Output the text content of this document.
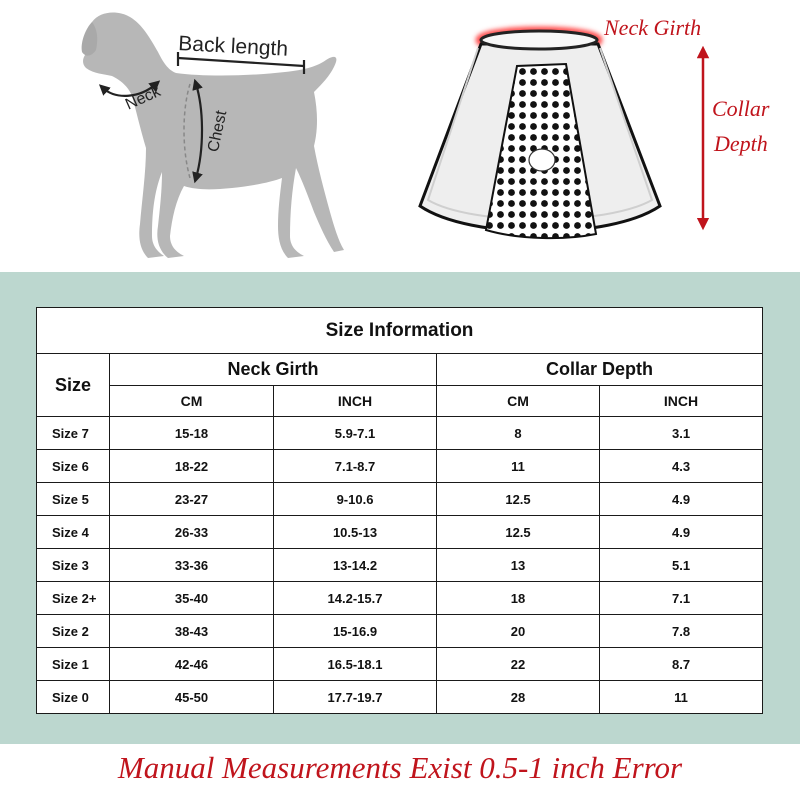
Back length
Neck
Chest
Neck Girth
Collar
Depth
Size Information				
Size	Neck Girth		Collar Depth	
	CM	INCH	CM	INCH
Size 7	15-18	5.9-7.1	8	3.1
Size 6	18-22	7.1-8.7	11	4.3
Size 5	23-27	9-10.6	12.5	4.9
Size 4	26-33	10.5-13	12.5	4.9
Size 3	33-36	13-14.2	13	5.1
Size 2+	35-40	14.2-15.7	18	7.1
Size 2	38-43	15-16.9	20	7.8
Size 1	42-46	16.5-18.1	22	8.7
Size 0	45-50	17.7-19.7	28	11
Manual Measurements Exist 0.5-1 inch Error
